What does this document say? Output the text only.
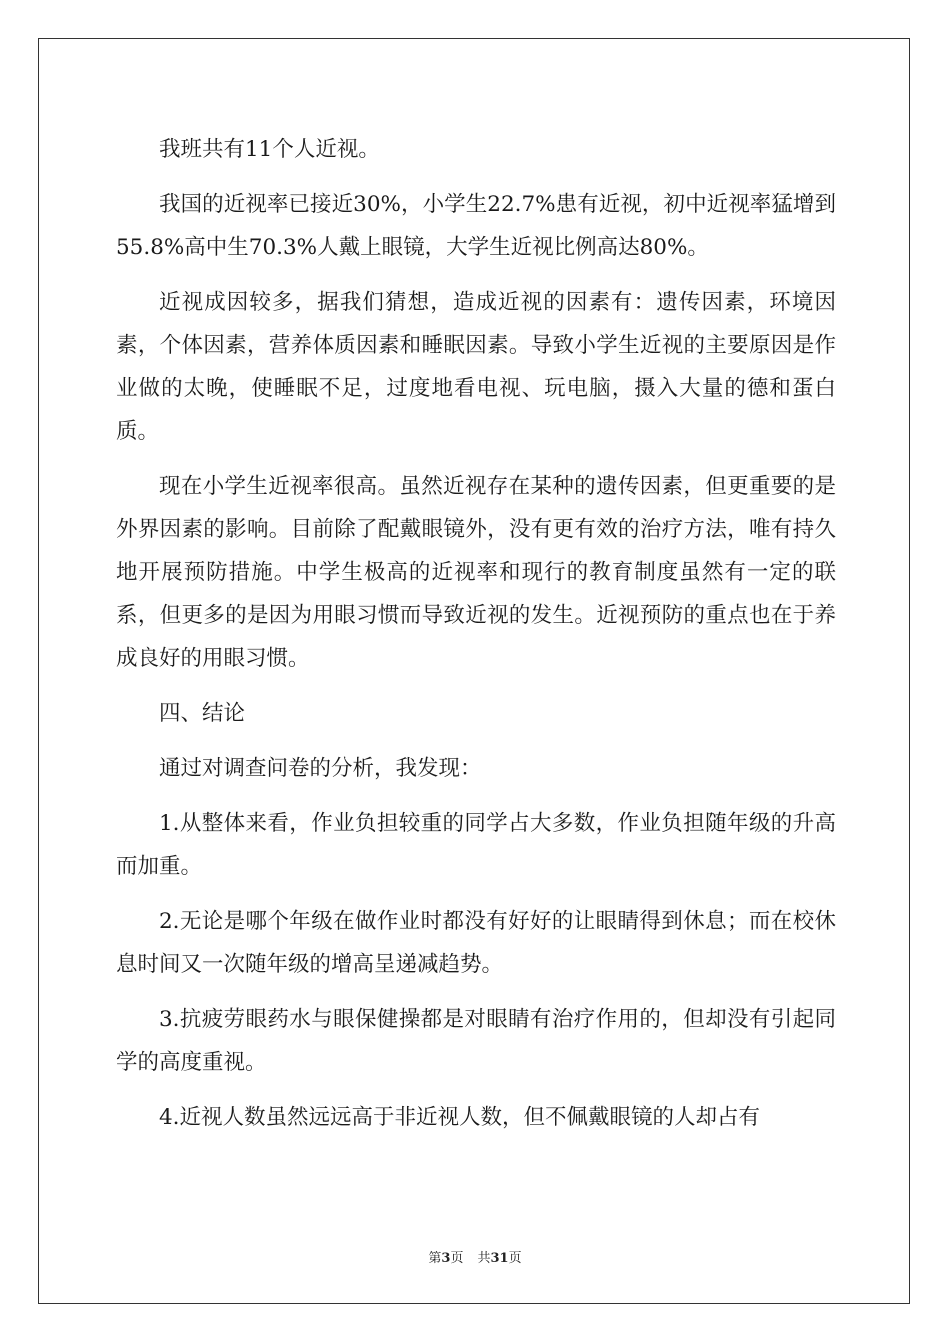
我班共有11个人近视。

我国的近视率已接近30%，小学生22.7%患有近视，初中近视率猛增到55.8%高中生70.3%人戴上眼镜，大学生近视比例高达80%。

近视成因较多，据我们猜想，造成近视的因素有：遗传因素，环境因素，个体因素，营养体质因素和睡眠因素。导致小学生近视的主要原因是作业做的太晚，使睡眠不足，过度地看电视、玩电脑，摄入大量的德和蛋白质。

现在小学生近视率很高。虽然近视存在某种的遗传因素，但更重要的是外界因素的影响。目前除了配戴眼镜外，没有更有效的治疗方法，唯有持久地开展预防措施。中学生极高的近视率和现行的教育制度虽然有一定的联系，但更多的是因为用眼习惯而导致近视的发生。近视预防的重点也在于养成良好的用眼习惯。

四、结论

通过对调查问卷的分析，我发现：

1.从整体来看，作业负担较重的同学占大多数，作业负担随年级的升高而加重。

2.无论是哪个年级在做作业时都没有好好的让眼睛得到休息；而在校休息时间又一次随年级的增高呈递减趋势。

3.抗疲劳眼药水与眼保健操都是对眼睛有治疗作用的，但却没有引起同学的高度重视。

4.近视人数虽然远远高于非近视人数，但不佩戴眼镜的人却占有

第3页 共31页
